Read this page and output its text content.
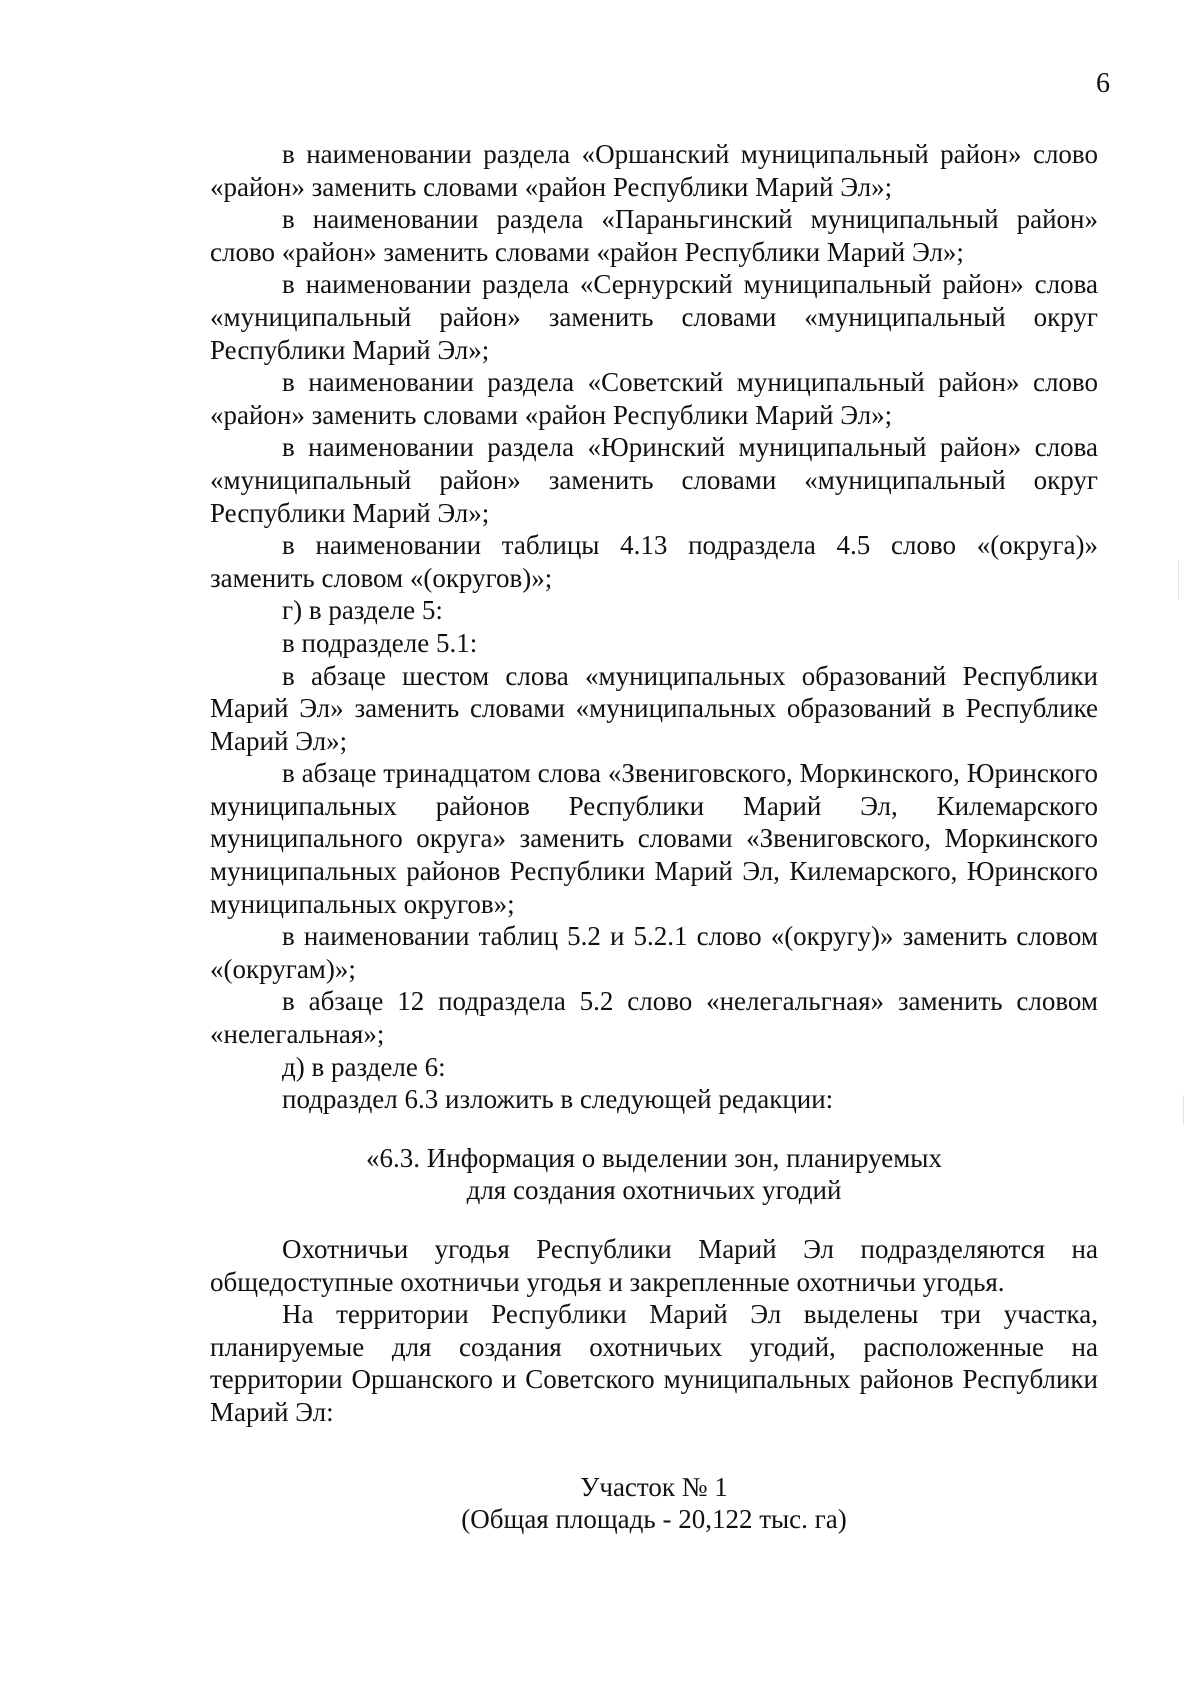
6

в наименовании раздела «Оршанский муниципальный район» слово «район» заменить словами «район Республики Марий Эл»;

в наименовании раздела «Параньгинский муниципальный район» слово «район» заменить словами «район Республики Марий Эл»;

в наименовании раздела «Сернурский муниципальный район» слова «муниципальный район» заменить словами «муниципальный округ Республики Марий Эл»;

в наименовании раздела «Советский муниципальный район» слово «район» заменить словами «район Республики Марий Эл»;

в наименовании раздела «Юринский муниципальный район» слова «муниципальный район» заменить словами «муниципальный округ Республики Марий Эл»;

в наименовании таблицы 4.13 подраздела 4.5 слово «(округа)» заменить словом «(округов)»;

г) в разделе 5:

в подразделе 5.1:

в абзаце шестом слова «муниципальных образований Республики Марий Эл» заменить словами «муниципальных образований в Республике Марий Эл»;

в абзаце тринадцатом слова «Звениговского, Моркинского, Юринского муниципальных районов Республики Марий Эл, Килемарского муниципального округа» заменить словами «Звениговского, Моркинского муниципальных районов Республики Марий Эл, Килемарского, Юринского муниципальных округов»;

в наименовании таблиц 5.2 и 5.2.1 слово «(округу)» заменить словом «(округам)»;

в абзаце 12 подраздела 5.2 слово «нелегальгная» заменить словом «нелегальная»;

д) в разделе 6:

подраздел 6.3 изложить в следующей редакции:

«6.3. Информация о выделении зон, планируемых
для создания охотничьих угодий

Охотничьи угодья Республики Марий Эл подразделяются на общедоступные охотничьи угодья и закрепленные охотничьи угодья.

На территории Республики Марий Эл выделены три участка, планируемые для создания охотничьих угодий, расположенные на территории Оршанского и Советского муниципальных районов Республики Марий Эл:

Участок № 1
(Общая площадь - 20,122 тыс. га)
